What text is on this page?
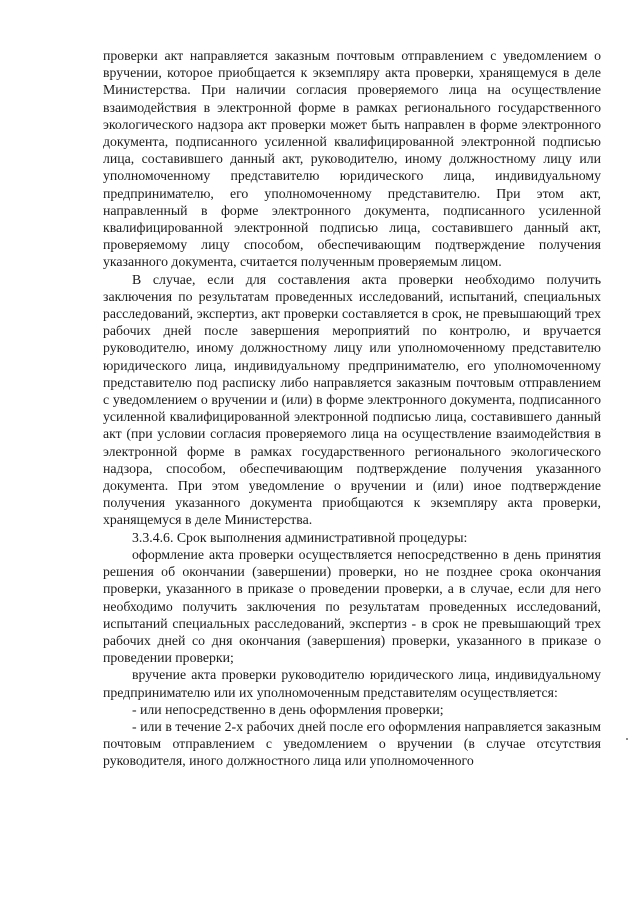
проверки акт направляется заказным почтовым отправлением с уведомлением о вручении, которое приобщается к экземпляру акта проверки, хранящемуся в деле Министерства. При наличии согласия проверяемого лица на осуществление взаимодействия в электронной форме в рамках регионального государственного экологического надзора акт проверки может быть направлен в форме электронного документа, подписанного усиленной квалифицированной электронной подписью лица, составившего данный акт, руководителю, иному должностному лицу или уполномоченному представителю юридического лица, индивидуальному предпринимателю, его уполномоченному представителю. При этом акт, направленный в форме электронного документа, подписанного усиленной квалифицированной электронной подписью лица, составившего данный акт, проверяемому лицу способом, обеспечивающим подтверждение получения указанного документа, считается полученным проверяемым лицом.

В случае, если для составления акта проверки необходимо получить заключения по результатам проведенных исследований, испытаний, специальных расследований, экспертиз, акт проверки составляется в срок, не превышающий трех рабочих дней после завершения мероприятий по контролю, и вручается руководителю, иному должностному лицу или уполномоченному представителю юридического лица, индивидуальному предпринимателю, его уполномоченному представителю под расписку либо направляется заказным почтовым отправлением с уведомлением о вручении и (или) в форме электронного документа, подписанного усиленной квалифицированной электронной подписью лица, составившего данный акт (при условии согласия проверяемого лица на осуществление взаимодействия в электронной форме в рамках государственного регионального экологического надзора, способом, обеспечивающим подтверждение получения указанного документа. При этом уведомление о вручении и (или) иное подтверждение получения указанного документа приобщаются к экземпляру акта проверки, хранящемуся в деле Министерства.

3.3.4.6. Срок выполнения административной процедуры:

оформление акта проверки осуществляется непосредственно в день принятия решения об окончании (завершении) проверки, но не позднее срока окончания проверки, указанного в приказе о проведении проверки, а в случае, если для него необходимо получить заключения по результатам проведенных исследований, испытаний специальных расследований, экспертиз - в срок не превышающий трех рабочих дней со дня окончания (завершения) проверки, указанного в приказе о проведении проверки;

вручение акта проверки руководителю юридического лица, индивидуальному предпринимателю или их уполномоченным представителям осуществляется:

- или непосредственно в день оформления проверки;

- или в течение 2-х рабочих дней после его оформления направляется заказным почтовым отправлением с уведомлением о вручении (в случае отсутствия руководителя, иного должностного лица или уполномоченного
